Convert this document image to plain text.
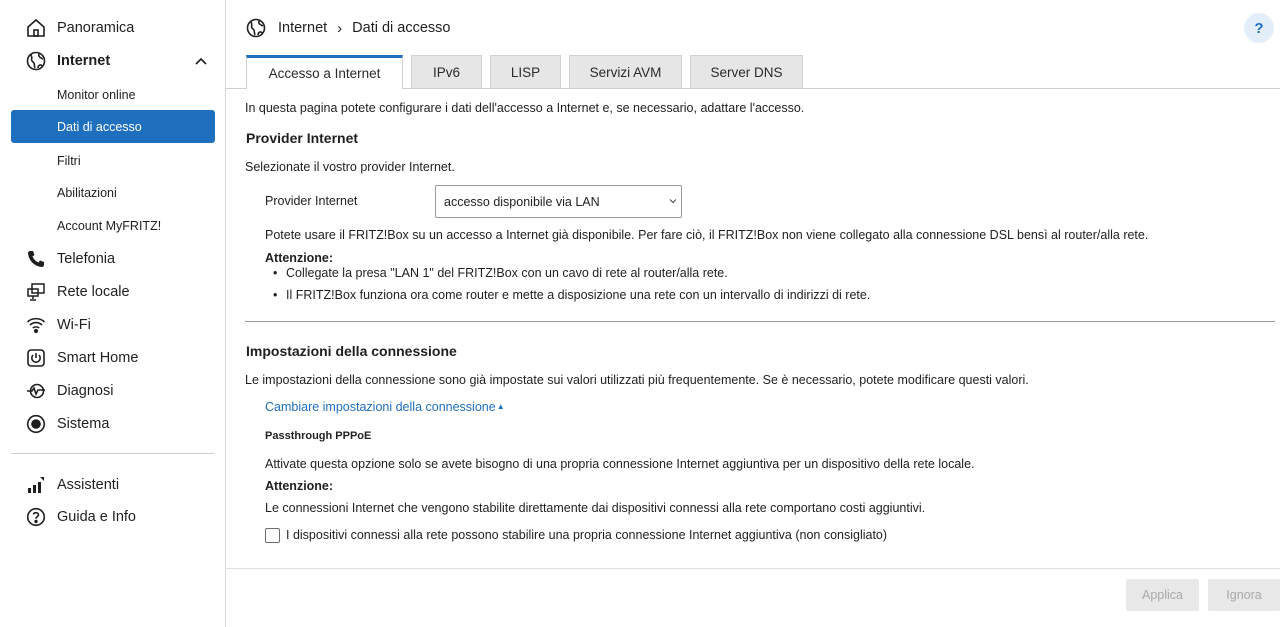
Panoramica
Internet
Monitor online
Dati di accesso
Filtri
Abilitazioni
Account MyFRITZ!
Telefonia
Rete locale
Wi-Fi
Smart Home
Diagnosi
Sistema
Assistenti
Guida e Info
Internet › Dati di accesso	?
Accesso a Internet	IPv6	LISP	Servizi AVM	Server DNS
In questa pagina potete configurare i dati dell'accesso a Internet e, se necessario, adattare l'accesso.
Provider Internet
Selezionate il vostro provider Internet.
Provider Internet	accesso disponibile via LAN
Potete usare il FRITZ!Box su un accesso a Internet già disponibile. Per fare ciò, il FRITZ!Box non viene collegato alla connessione DSL bensì al router/alla rete.
Attenzione:
• Collegate la presa "LAN 1" del FRITZ!Box con un cavo di rete al router/alla rete.
• Il FRITZ!Box funziona ora come router e mette a disposizione una rete con un intervallo di indirizzi di rete.
Impostazioni della connessione
Le impostazioni della connessione sono già impostate sui valori utilizzati più frequentemente. Se è necessario, potete modificare questi valori.
Cambiare impostazioni della connessione▲
Passthrough PPPoE
Attivate questa opzione solo se avete bisogno di una propria connessione Internet aggiuntiva per un dispositivo della rete locale.
Attenzione:
Le connessioni Internet che vengono stabilite direttamente dai dispositivi connessi alla rete comportano costi aggiuntivi.
I dispositivi connessi alla rete possono stabilire una propria connessione Internet aggiuntiva (non consigliato)
Applica	Ignora
